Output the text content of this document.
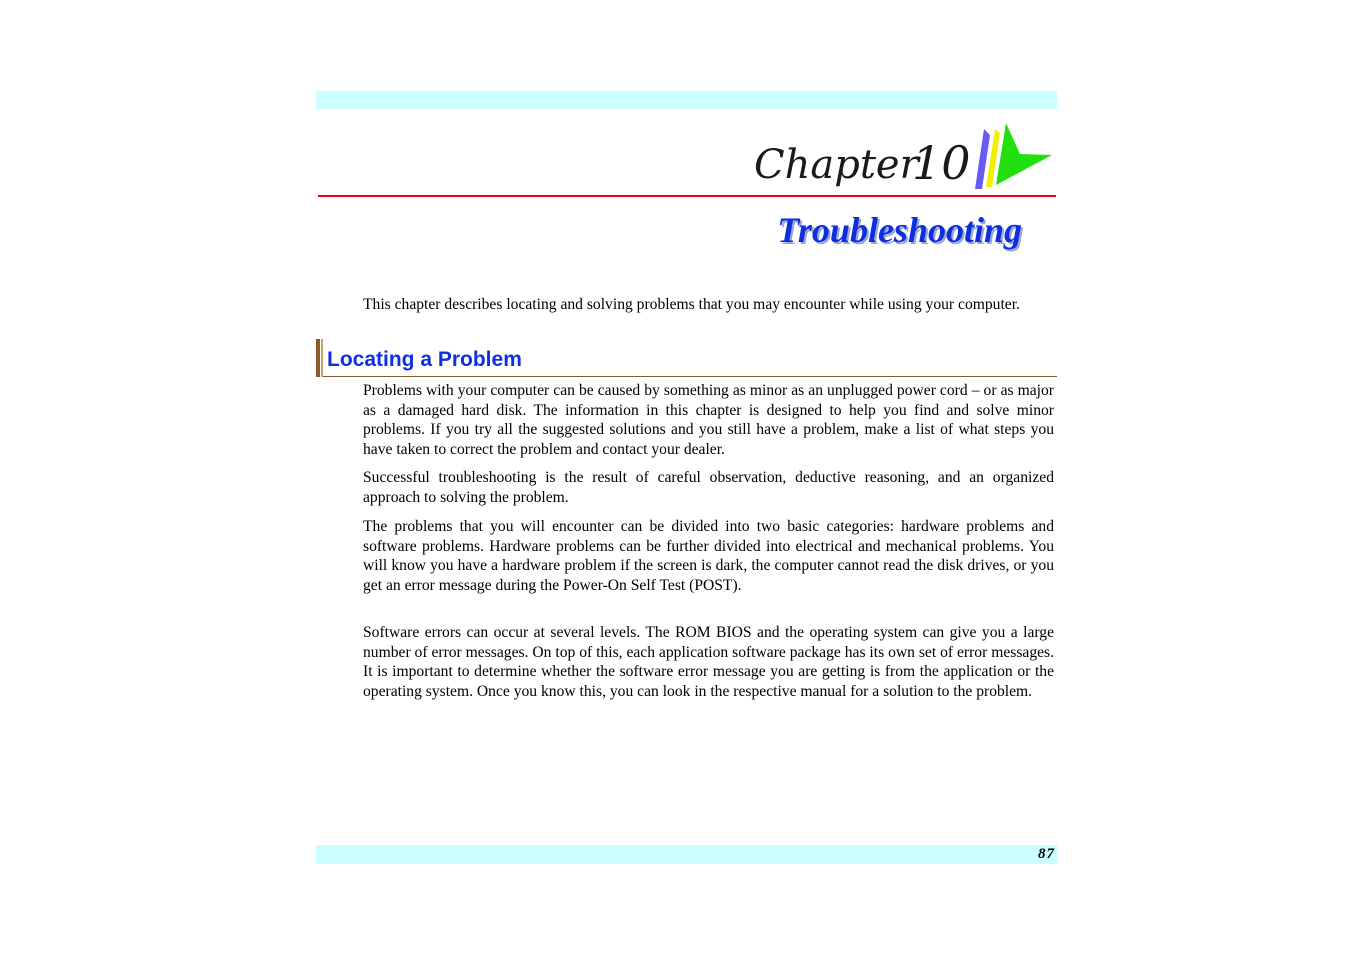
Chapter
10
Troubleshooting

This chapter describes locating and solving problems that you may encounter while using your computer.

Locating a Problem

Problems with your computer can be caused by something as minor as an unplugged power cord – or as major as a damaged hard disk. The information in this chapter is designed to help you find and solve minor problems. If you try all the suggested solutions and you still have a problem, make a list of what steps you have taken to correct the problem and contact your dealer.

Successful troubleshooting is the result of careful observation, deductive reasoning, and an organized approach to solving the problem.

The problems that you will encounter can be divided into two basic categories: hardware problems and software problems. Hardware problems can be further divided into electrical and mechanical problems. You will know you have a hardware problem if the screen is dark, the computer cannot read the disk drives, or you get an error message during the Power-On Self Test (POST).

Software errors can occur at several levels. The ROM BIOS and the operating system can give you a large number of error messages. On top of this, each application software package has its own set of error messages. It is important to determine whether the software error message you are getting is from the application or the operating system. Once you know this, you can look in the respective manual for a solution to the problem.

87
